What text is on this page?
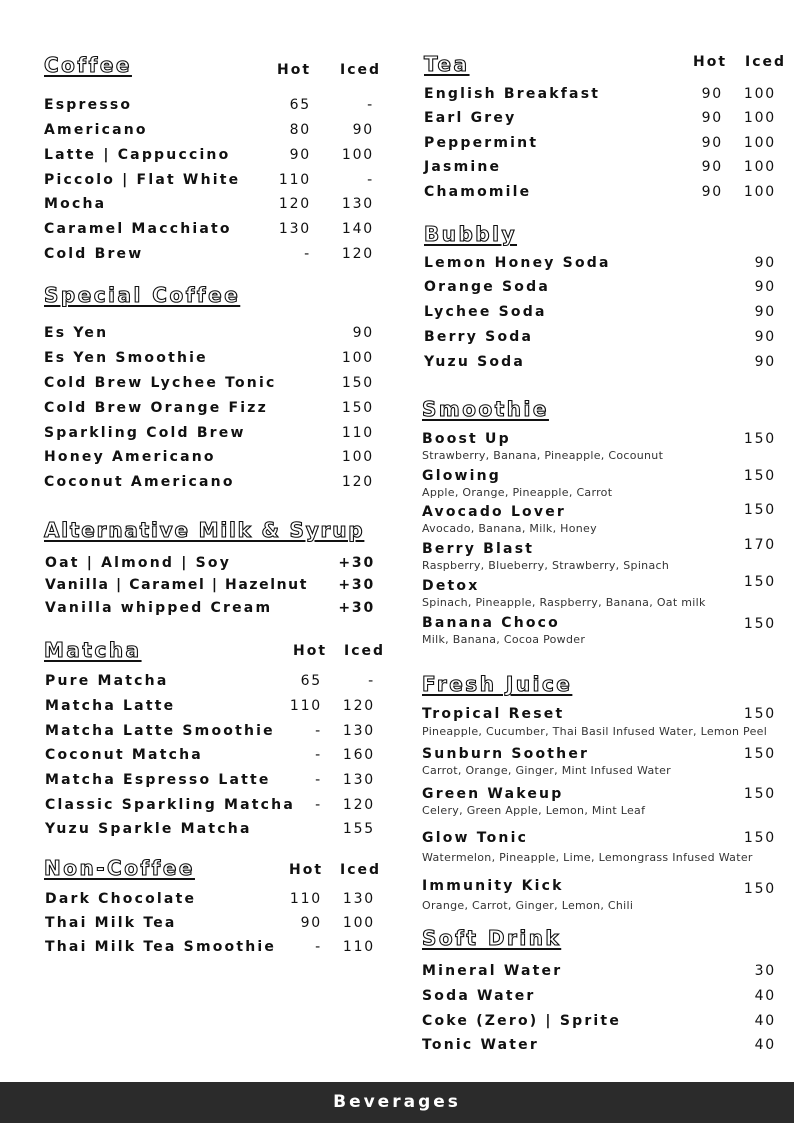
Coffee	Hot Iced
Espresso	65	-
Americano	80	90
Latte | Cappuccino	90 100
Piccolo | Flat White	110	-
Mocha	120 130
Caramel Macchiato	130 140
Cold Brew	- 120
Special Coffee
Es Yen	90
Es Yen Smoothie	100
Cold Brew Lychee Tonic	150
Cold Brew Orange Fizz	150
Sparkling Cold Brew	110
Honey Americano	100
Coconut Americano	120
Alternative Milk & Syrup
Oat | Almond | Soy	+30
Vanilla | Caramel | Hazelnut +30
Vanilla whipped Cream	+30
Matcha	Hot Iced
Pure Matcha	65	-
Matcha Latte	110 120
Matcha Latte Smoothie	- 130
Coconut Matcha	- 160
Matcha Espresso Latte	- 130
Classic Sparkling Matcha - 120
Yuzu Sparkle Matcha	155
Non-Coffee	Hot Iced
Dark Chocolate	110 130
Thai Milk Tea	90 100
Thai Milk Tea Smoothie	- 110
Tea	Hot Iced
English Breakfast	90 100
Earl Grey	90 100
Peppermint	90 100
Jasmine	90 100
Chamomile	90 100
Bubbly
Lemon Honey Soda	90
Orange Soda	90
Lychee Soda	90
Berry Soda	90
Yuzu Soda	90
Smoothie
Boost Up	150
Strawberry, Banana, Pineapple, Cocounut
Glowing	150
Apple, Orange, Pineapple, Carrot
Avocado Lover	150
Avocado, Banana, Milk, Honey
Berry Blast	170
Raspberry, Blueberry, Strawberry, Spinach
Detox	150
Spinach, Pineapple, Raspberry, Banana, Oat milk
Banana Choco	150
Milk, Banana, Cocoa Powder
Fresh Juice
Tropical Reset	150
Pineapple, Cucumber, Thai Basil Infused Water, Lemon Peel
Sunburn Soother	150
Carrot, Orange, Ginger, Mint Infused Water
Green Wakeup	150
Celery, Green Apple, Lemon, Mint Leaf
Glow Tonic	150
Watermelon, Pineapple, Lime, Lemongrass Infused Water
Immunity Kick	150
Orange, Carrot, Ginger, Lemon, Chili
Soft Drink
Mineral Water	30
Soda Water	40
Coke (Zero) | Sprite	40
Tonic Water	40
Beverages
